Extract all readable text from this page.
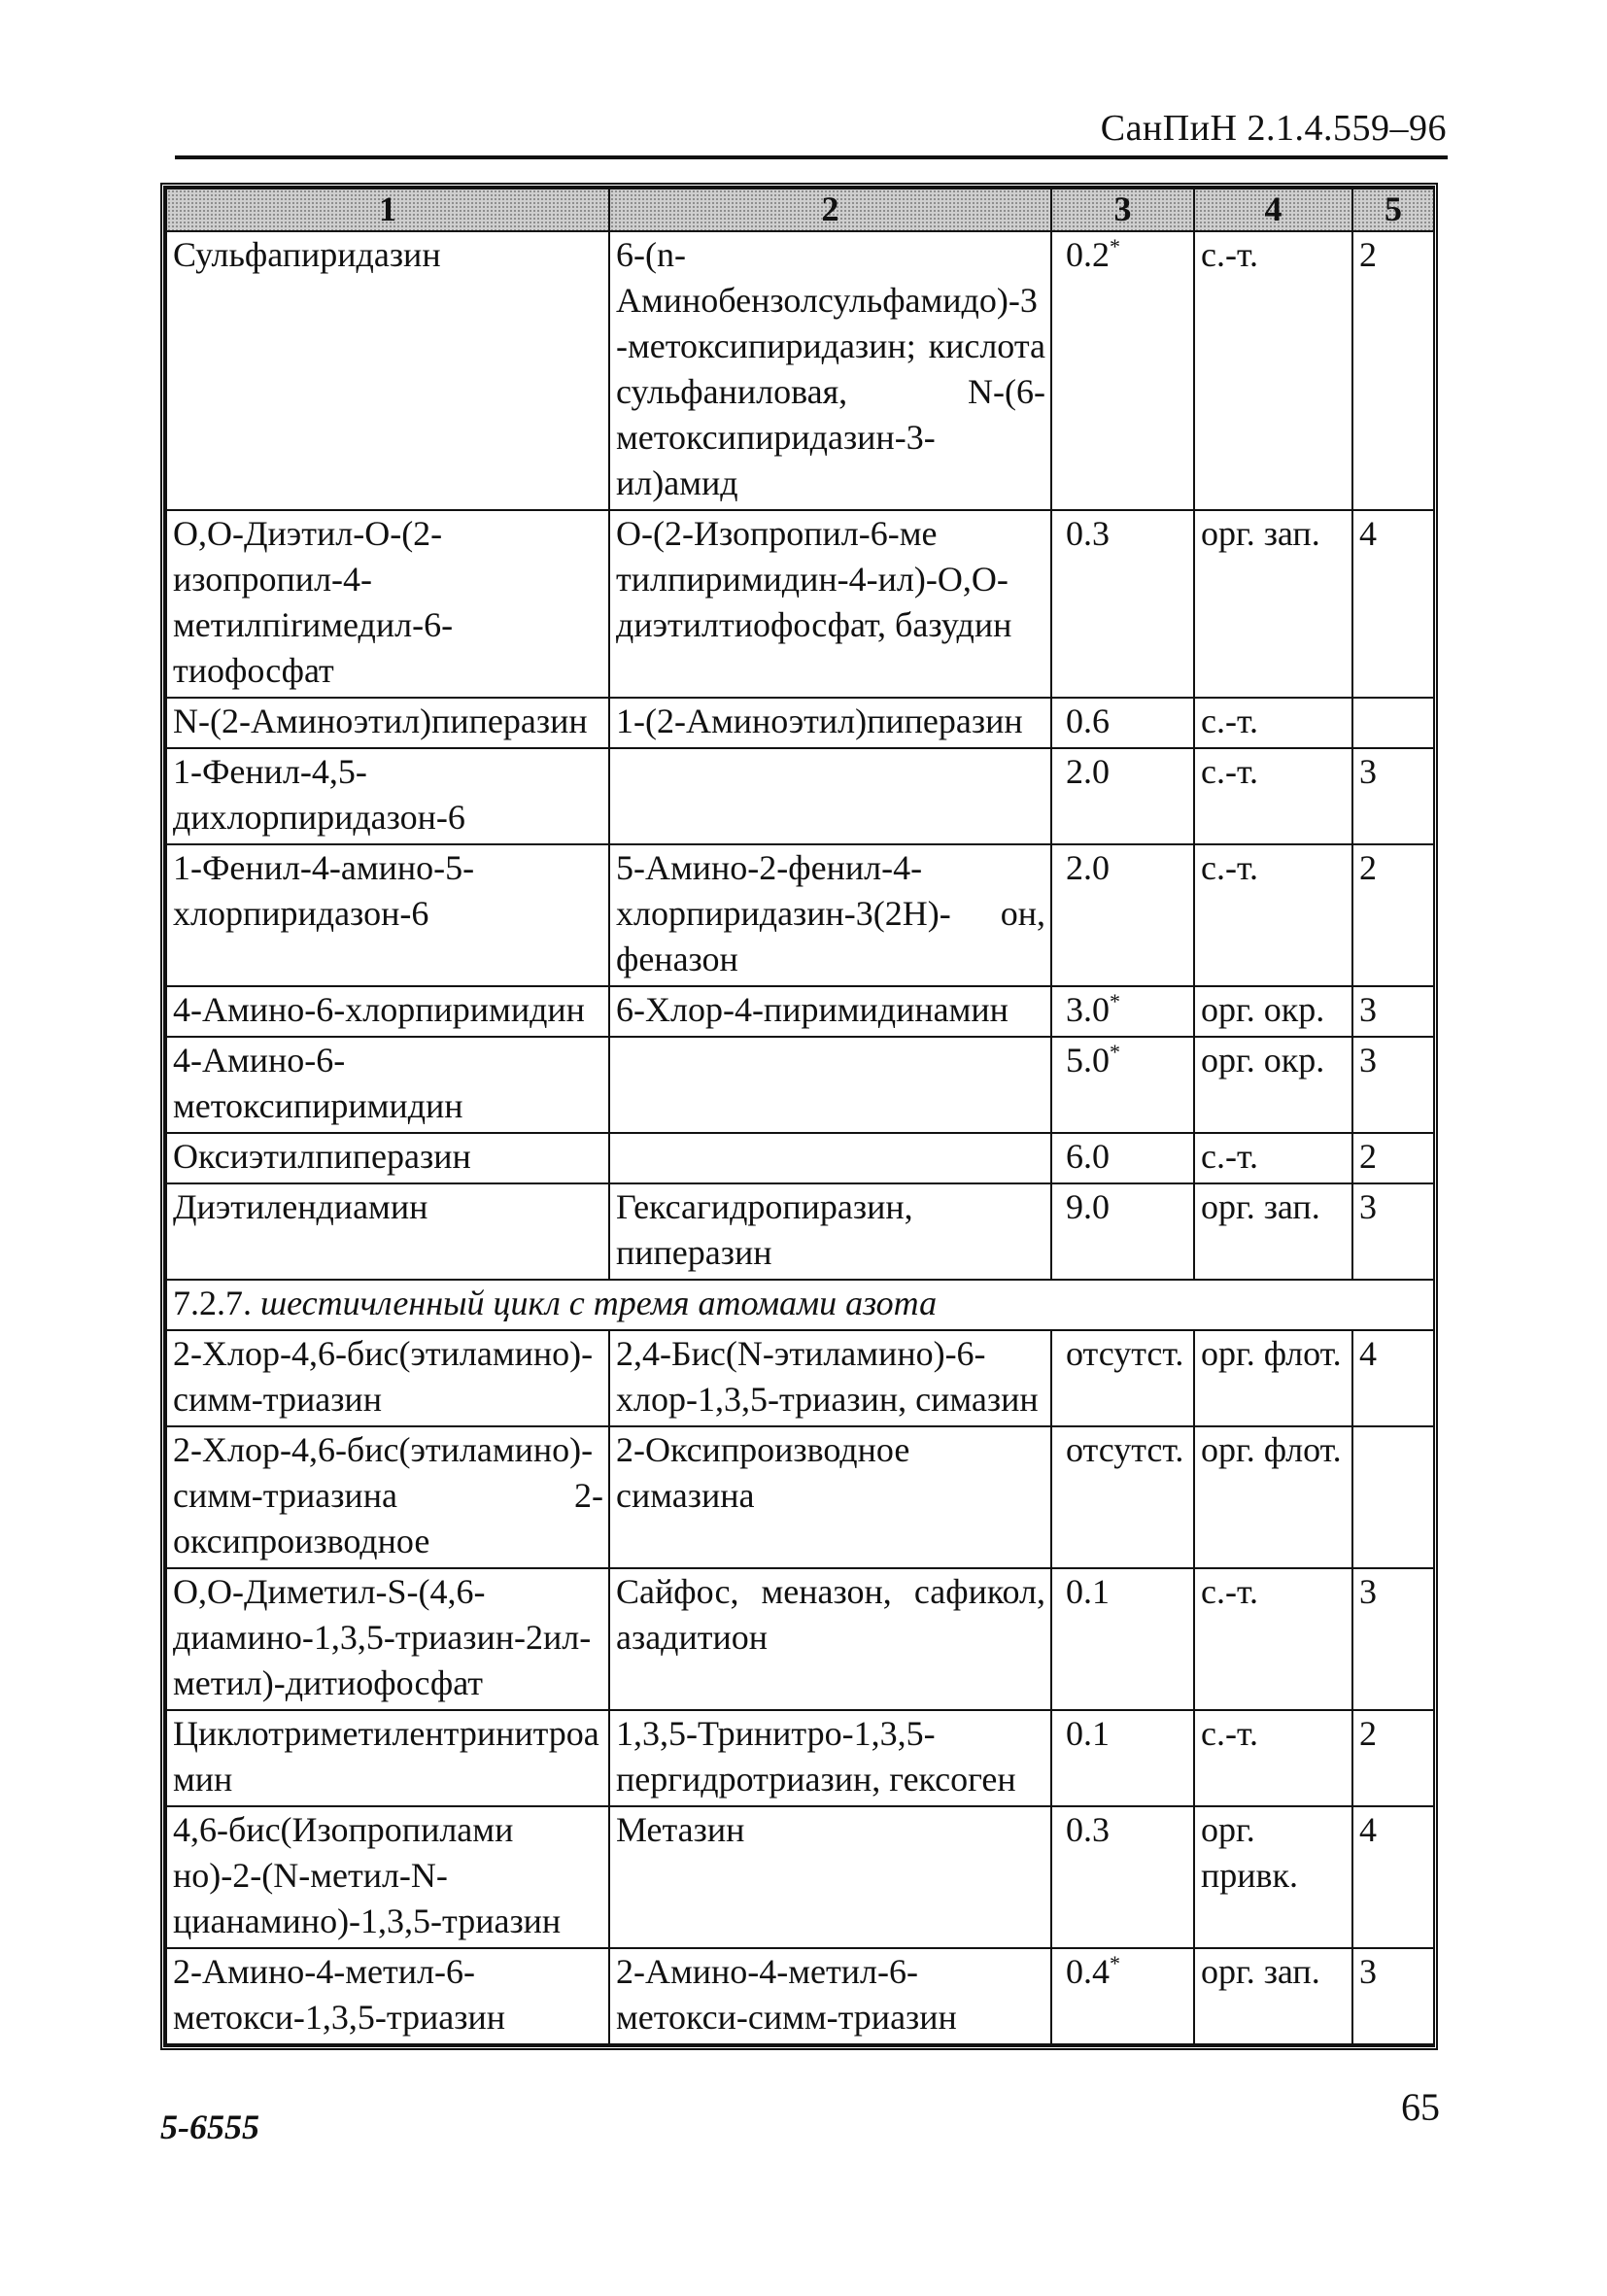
СанПиН 2.1.4.559–96
1	2	3	4	5
Сульфапиридазин	6-(n-Аминобензолсульфамидо)-3-метоксипиридазин; кислота сульфаниловая, N-(6-метоксипиридазин-3-ил)амид	0.2*	с.-т.	2
О,О-Диэтил-О-(2-изопропил-4-метилпirимедил-6-тиофосфат	О-(2-Изопропил-6-ме тилпиримидин-4-ил)-О,О-диэтилтиофосфат, базудин	0.3	орг. зап.	4
N-(2-Аминоэтил)пиперазин	1-(2-Аминоэтил)пиперазин	0.6	с.-т.	
1-Фенил-4,5-дихлорпиридазон-6		2.0	с.-т.	3
1-Фенил-4-амино-5-хлорпиридазон-6	5-Амино-2-фенил-4- хлорпиридазин-3(2Н)- он, феназон	2.0	с.-т.	2
4-Амино-6-хлорпиримидин	6-Хлор-4-пиримидинамин	3.0*	орг. окр.	3
4-Амино-6-метоксипиримидин		5.0*	орг. окр.	3
Оксиэтилпиперазин		6.0	с.-т.	2
Диэтилендиамин	Гексагидропиразин, пиперазин	9.0	орг. зап.	3
7.2.7. шестичленный цикл с тремя атомами азота				
2-Хлор-4,6-бис(этиламино)- симм-триазин	2,4-Бис(N-этиламино)-6-хлор-1,3,5-триазин, симазин	отсутст.	орг. флот.	4
2-Хлор-4,6-бис(этиламино)- симм-триазина 2-оксипроизводное	2-Оксипроизводное симазина	отсутст.	орг. флот.	
О,О-Диметил-S-(4,6-диамино-1,3,5-триазин-2ил-метил)-дитиофосфат	Сайфос, меназон, сафикол, азадитион	0.1	с.-т.	3
Циклотриметилентринитроамин	1,3,5-Тринитро-1,3,5- пергидротриазин, гексоген	0.1	с.-т.	2
4,6-бис(Изопропилами но)-2-(N-метил-N-цианамино)-1,3,5-триазин	Метазин	0.3	орг. привк.	4
2-Амино-4-метил-6-метокси-1,3,5-триазин	2-Амино-4-метил-6-метокси-симм-триазин	0.4*	орг. зап.	3
5-6555	65
